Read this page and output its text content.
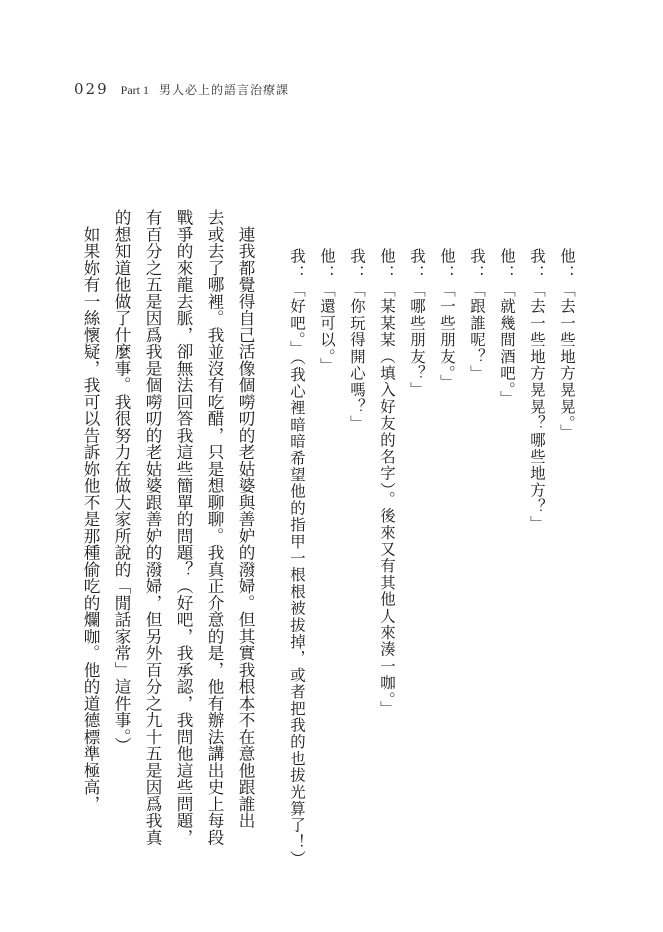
029 Part 1 男人必上的語言治療課
他：「去一些地方晃晃。」
我：「去一些地方晃晃？哪些地方？」
他：「就幾間酒吧。」
我：「跟誰呢？」
他：「一些朋友。」
我：「哪些朋友？」
他：「某某某（填入好友的名字）。後來又有其他人來湊一咖。」
我：「你玩得開心嗎？」
他：「還可以。」
我：「好吧。」（我心裡暗暗希望他的指甲一根根被拔掉，或者把我的也拔光算了！）
　連我都覺得自己活像個嘮叨的老姑婆與善妒的潑婦。但其實我根本不在意他跟誰出
去或去了哪裡。我並沒有吃醋，只是想聊聊。我真正介意的是，他有辦法講出史上每段
戰爭的來龍去脈，卻無法回答我這些簡單的問題？（好吧，我承認，我問他這些問題，
有百分之五是因爲我是個嘮叨的老姑婆跟善妒的潑婦，但另外百分之九十五是因爲我真
的想知道他做了什麼事。我很努力在做大家所說的「閒話家常」這件事。）
　如果妳有一絲懷疑，我可以告訴妳他不是那種偷吃的爛咖。他的道德標準極高，
